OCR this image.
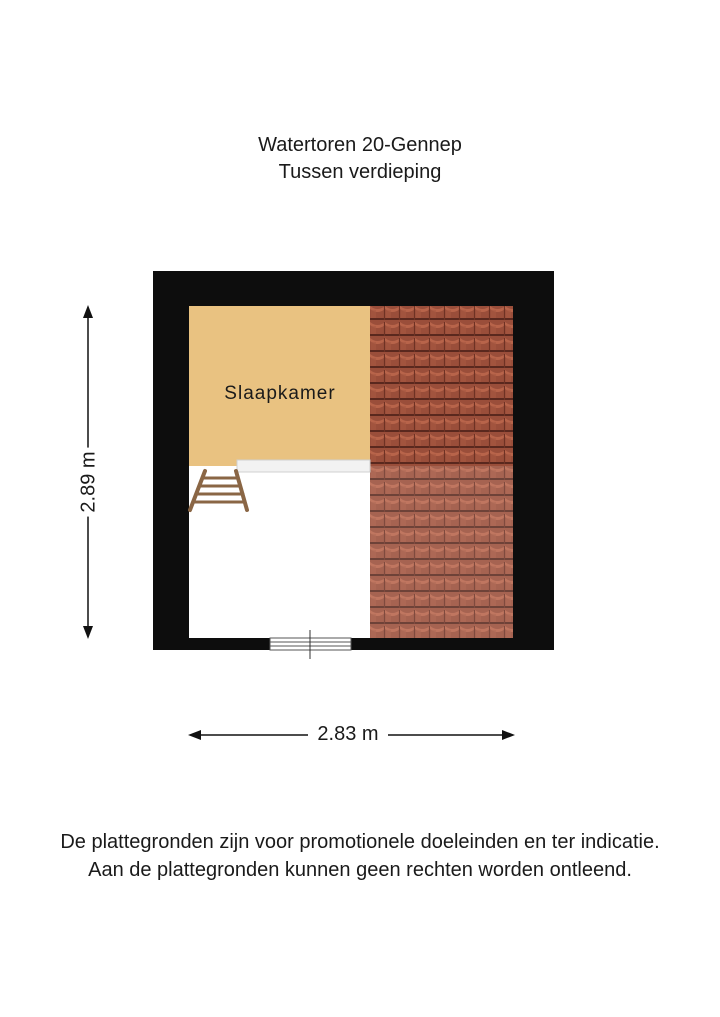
Watertoren 20-Gennep
Tussen verdieping
Slaapkamer
2.89 m
2.83 m
De plattegronden zijn voor promotionele doeleinden en ter indicatie.
Aan de plattegronden kunnen geen rechten worden ontleend.
